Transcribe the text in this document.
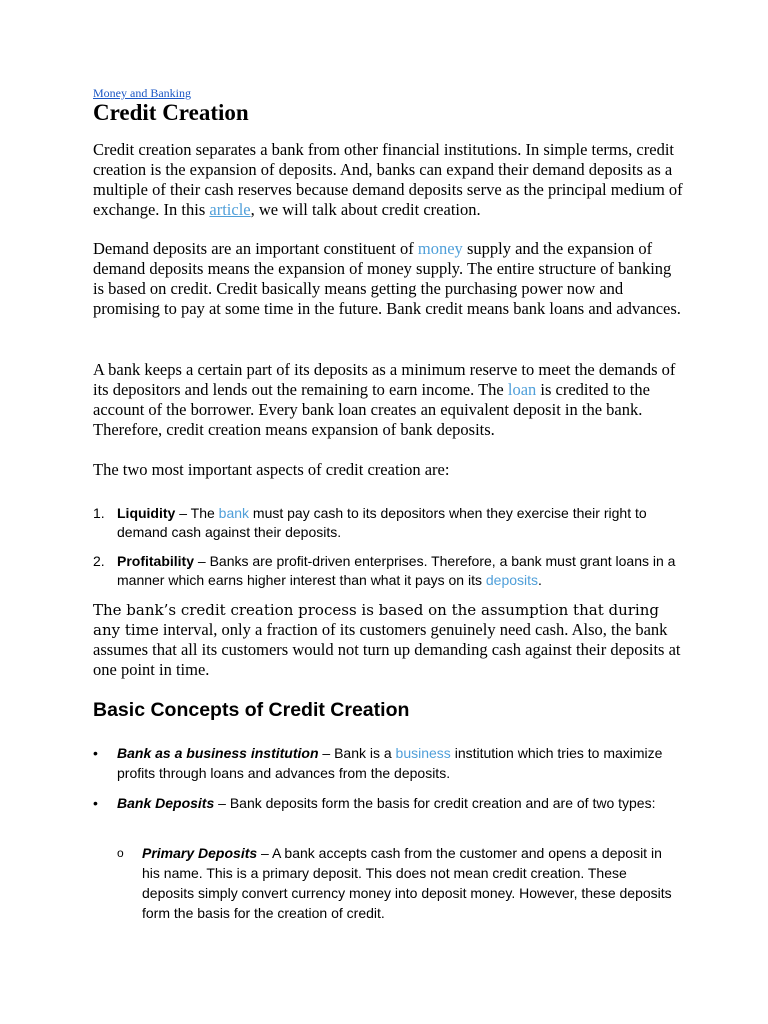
Money and Banking
Credit Creation

Credit creation separates a bank from other financial institutions. In simple terms, credit creation is the expansion of deposits. And, banks can expand their demand deposits as a multiple of their cash reserves because demand deposits serve as the principal medium of exchange. In this article, we will talk about credit creation.

Demand deposits are an important constituent of money supply and the expansion of demand deposits means the expansion of money supply. The entire structure of banking is based on credit. Credit basically means getting the purchasing power now and promising to pay at some time in the future. Bank credit means bank loans and advances.

A bank keeps a certain part of its deposits as a minimum reserve to meet the demands of its depositors and lends out the remaining to earn income. The loan is credited to the account of the borrower. Every bank loan creates an equivalent deposit in the bank. Therefore, credit creation means expansion of bank deposits.

The two most important aspects of credit creation are:

1. Liquidity – The bank must pay cash to its depositors when they exercise their right to demand cash against their deposits.
2. Profitability – Banks are profit-driven enterprises. Therefore, a bank must grant loans in a manner which earns higher interest than what it pays on its deposits.

The bank’s credit creation process is based on the assumption that during any time interval, only a fraction of its customers genuinely need cash. Also, the bank assumes that all its customers would not turn up demanding cash against their deposits at one point in time.

Basic Concepts of Credit Creation
• Bank as a business institution – Bank is a business institution which tries to maximize profits through loans and advances from the deposits.
• Bank Deposits – Bank deposits form the basis for credit creation and are of two types:
o Primary Deposits – A bank accepts cash from the customer and opens a deposit in his name. This is a primary deposit. This does not mean credit creation. These deposits simply convert currency money into deposit money. However, these deposits form the basis for the creation of credit.
